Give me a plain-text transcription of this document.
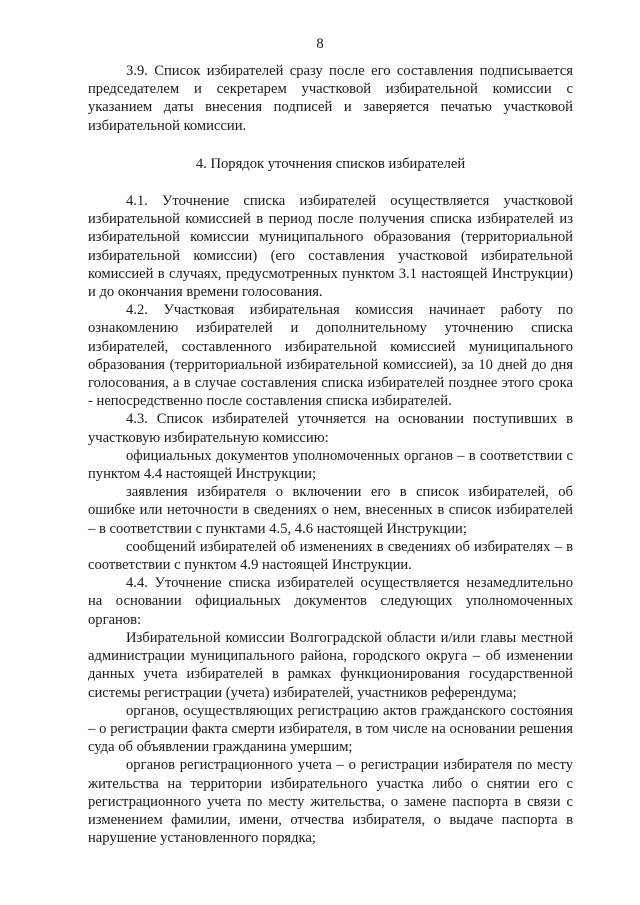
8

3.9. Список избирателей сразу после его составления подписывается председателем и секретарем участковой избирательной комиссии с указанием даты внесения подписей и заверяется печатью участковой избирательной комиссии.

4. Порядок уточнения списков избирателей

4.1. Уточнение списка избирателей осуществляется участковой избирательной комиссией в период после получения списка избирателей из избирательной комиссии муниципального образования (территориальной избирательной комиссии) (его составления участковой избирательной комиссией в случаях, предусмотренных пунктом 3.1 настоящей Инструкции) и до окончания времени голосования.

4.2. Участковая избирательная комиссия начинает работу по ознакомлению избирателей и дополнительному уточнению списка избирателей, составленного избирательной комиссией муниципального образования (территориальной избирательной комиссией), за 10 дней до дня голосования, а в случае составления списка избирателей позднее этого срока - непосредственно после составления списка избирателей.

4.3. Список избирателей уточняется на основании поступивших в участковую избирательную комиссию:

официальных документов уполномоченных органов – в соответствии с пунктом 4.4 настоящей Инструкции;

заявления избирателя о включении его в список избирателей, об ошибке или неточности в сведениях о нем, внесенных в список избирателей – в соответствии с пунктами 4.5, 4.6 настоящей Инструкции;

сообщений избирателей об изменениях в сведениях об избирателях – в соответствии с пунктом 4.9 настоящей Инструкции.

4.4. Уточнение списка избирателей осуществляется незамедлительно на основании официальных документов следующих уполномоченных органов:

Избирательной комиссии Волгоградской области и/или главы местной администрации муниципального района, городского округа – об изменении данных учета избирателей в рамках функционирования государственной системы регистрации (учета) избирателей, участников референдума;

органов, осуществляющих регистрацию актов гражданского состояния – о регистрации факта смерти избирателя, в том числе на основании решения суда об объявлении гражданина умершим;

органов регистрационного учета – о регистрации избирателя по месту жительства на территории избирательного участка либо о снятии его с регистрационного учета по месту жительства, о замене паспорта в связи с изменением фамилии, имени, отчества избирателя, о выдаче паспорта в нарушение установленного порядка;
